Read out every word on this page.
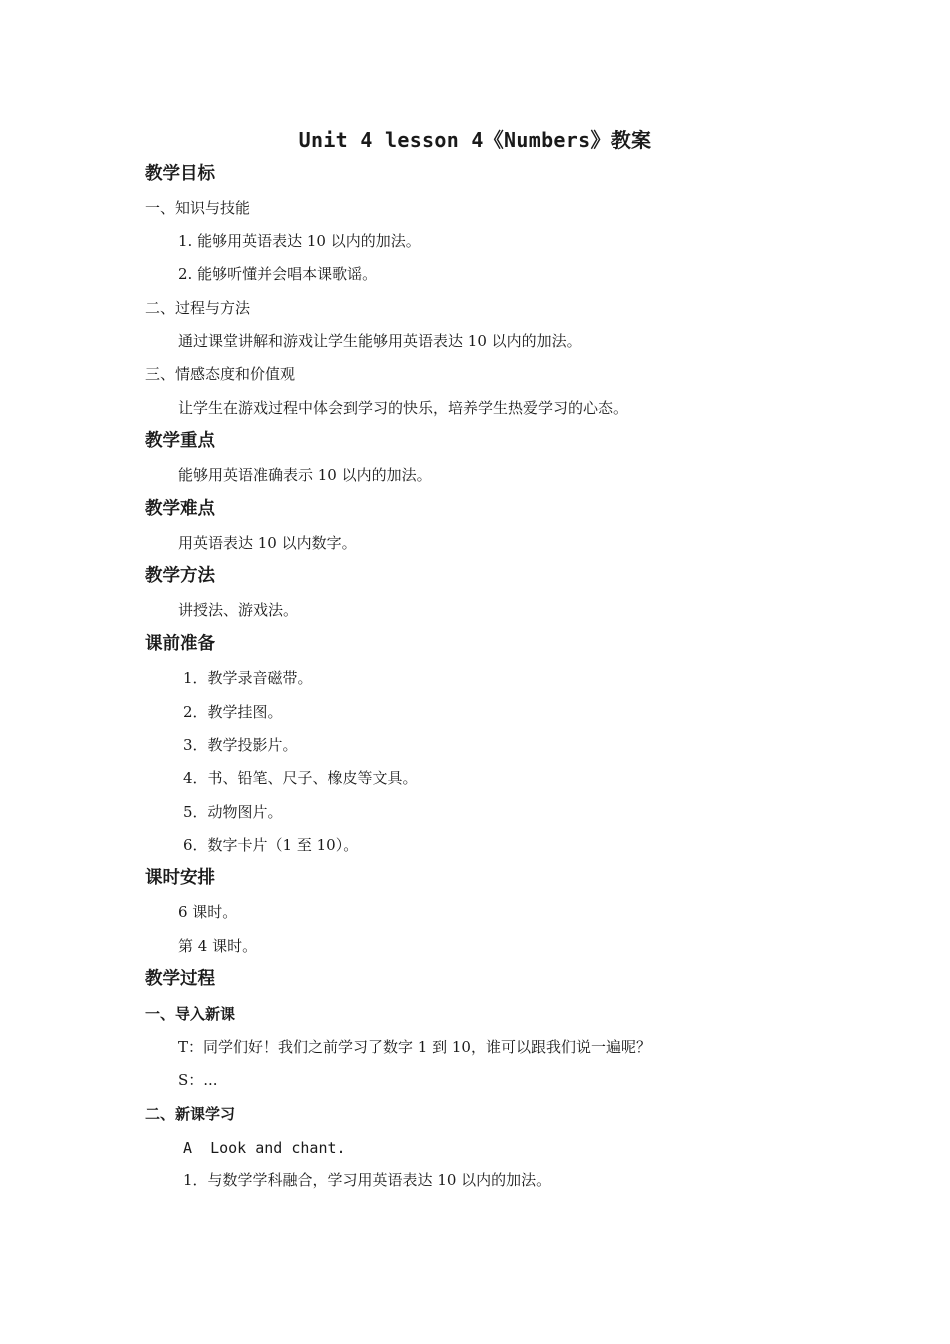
Unit 4 lesson 4《Numbers》教案
教学目标
一、知识与技能
1. 能够用英语表达 10 以内的加法。
2. 能够听懂并会唱本课歌谣。
二、过程与方法
通过课堂讲解和游戏让学生能够用英语表达 10 以内的加法。
三、情感态度和价值观
让学生在游戏过程中体会到学习的快乐，培养学生热爱学习的心态。
教学重点
能够用英语准确表示 10 以内的加法。
教学难点
用英语表达 10 以内数字。
教学方法
讲授法、游戏法。
课前准备
1．教学录音磁带。
2．教学挂图。
3．教学投影片。
4．书、铅笔、尺子、橡皮等文具。
5．动物图片。
6．数字卡片（1 至 10）。
课时安排
6 课时。
第 4 课时。
教学过程
一、导入新课
T：同学们好！我们之前学习了数字 1 到 10，谁可以跟我们说一遍呢？
S：...
二、新课学习
A  Look and chant.
1．与数学学科融合，学习用英语表达 10 以内的加法。
